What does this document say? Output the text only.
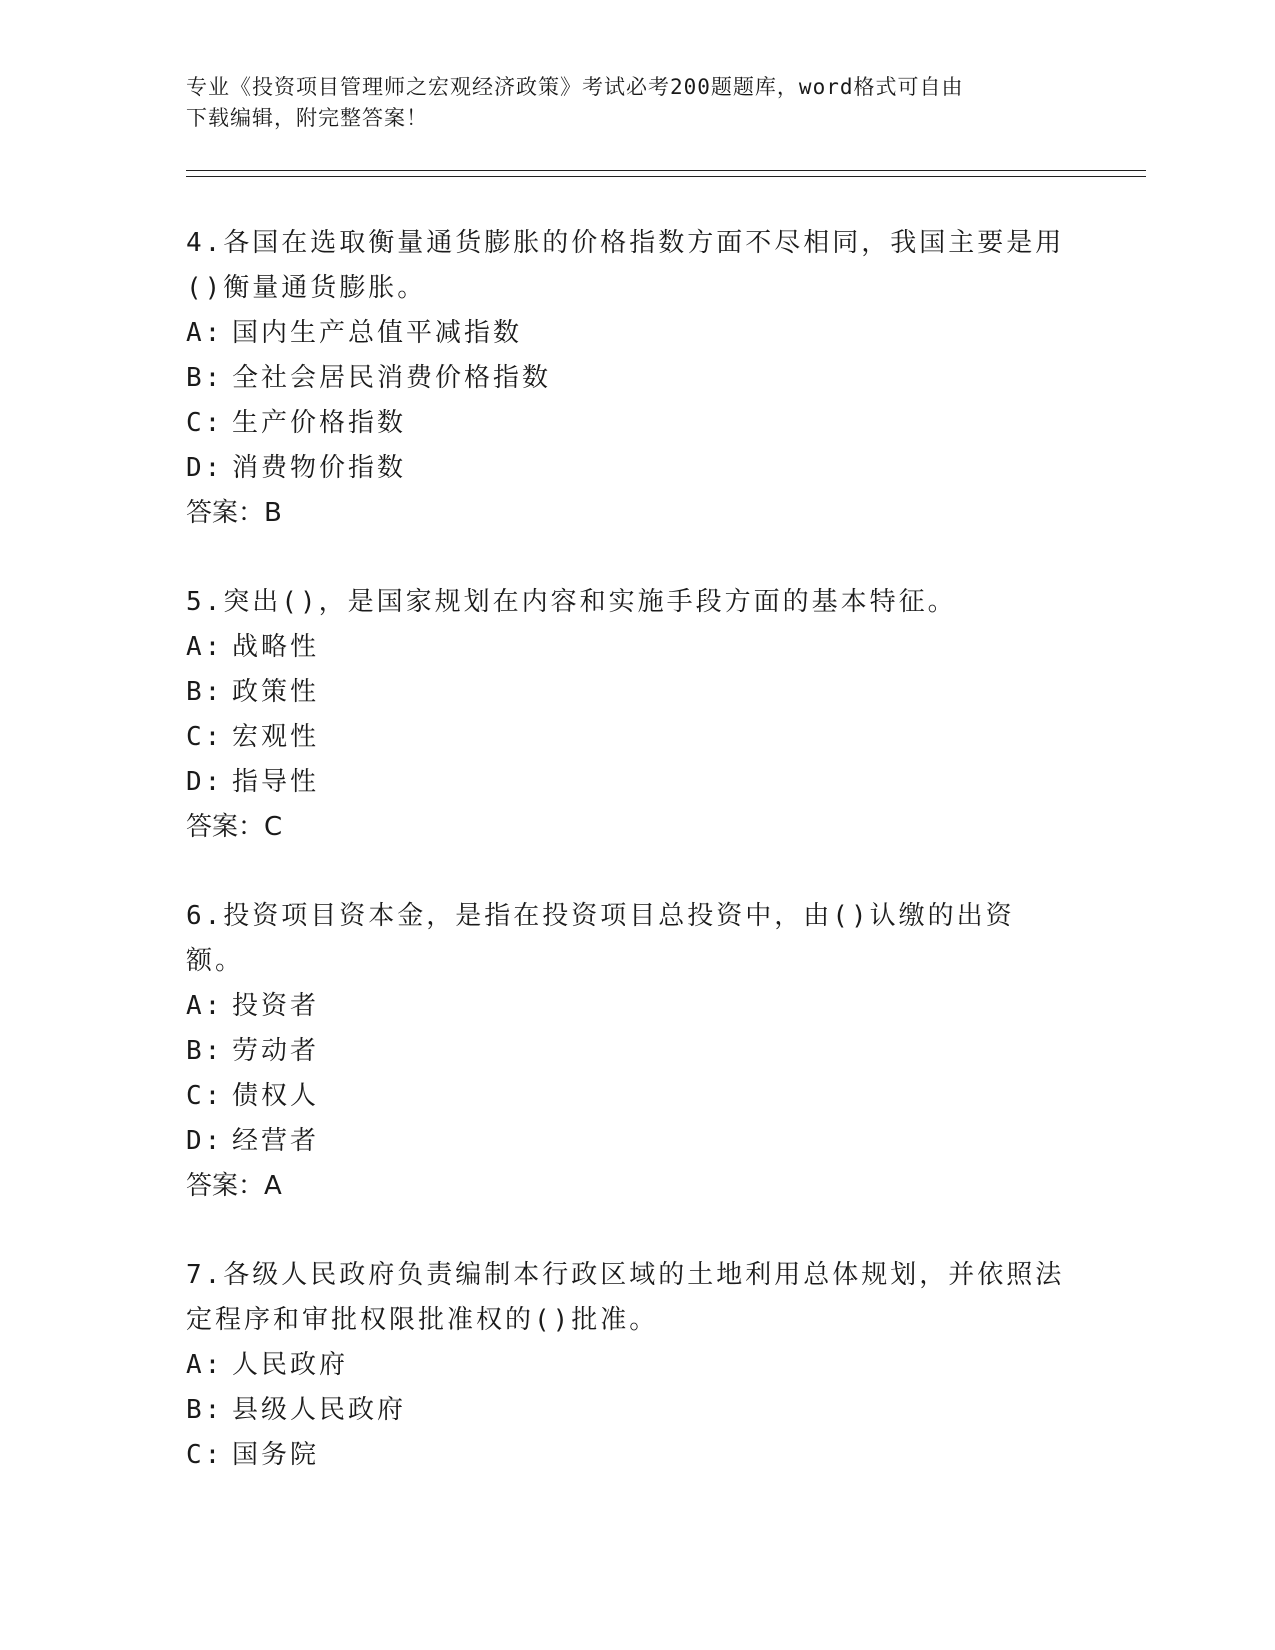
专业《投资项目管理师之宏观经济政策》考试必考200题题库，word格式可自由
下载编辑，附完整答案！
4.各国在选取衡量通货膨胀的价格指数方面不尽相同，我国主要是用
()衡量通货膨胀。
A: 国内生产总值平减指数
B: 全社会居民消费价格指数
C: 生产价格指数
D: 消费物价指数
答案：B
5.突出()，是国家规划在内容和实施手段方面的基本特征。
A: 战略性
B: 政策性
C: 宏观性
D: 指导性
答案：C
6.投资项目资本金，是指在投资项目总投资中，由()认缴的出资额。
A: 投资者
B: 劳动者
C: 债权人
D: 经营者
答案：A
7.各级人民政府负责编制本行政区域的土地利用总体规划，并依照法
定程序和审批权限批准权的()批准。
A: 人民政府
B: 县级人民政府
C: 国务院
